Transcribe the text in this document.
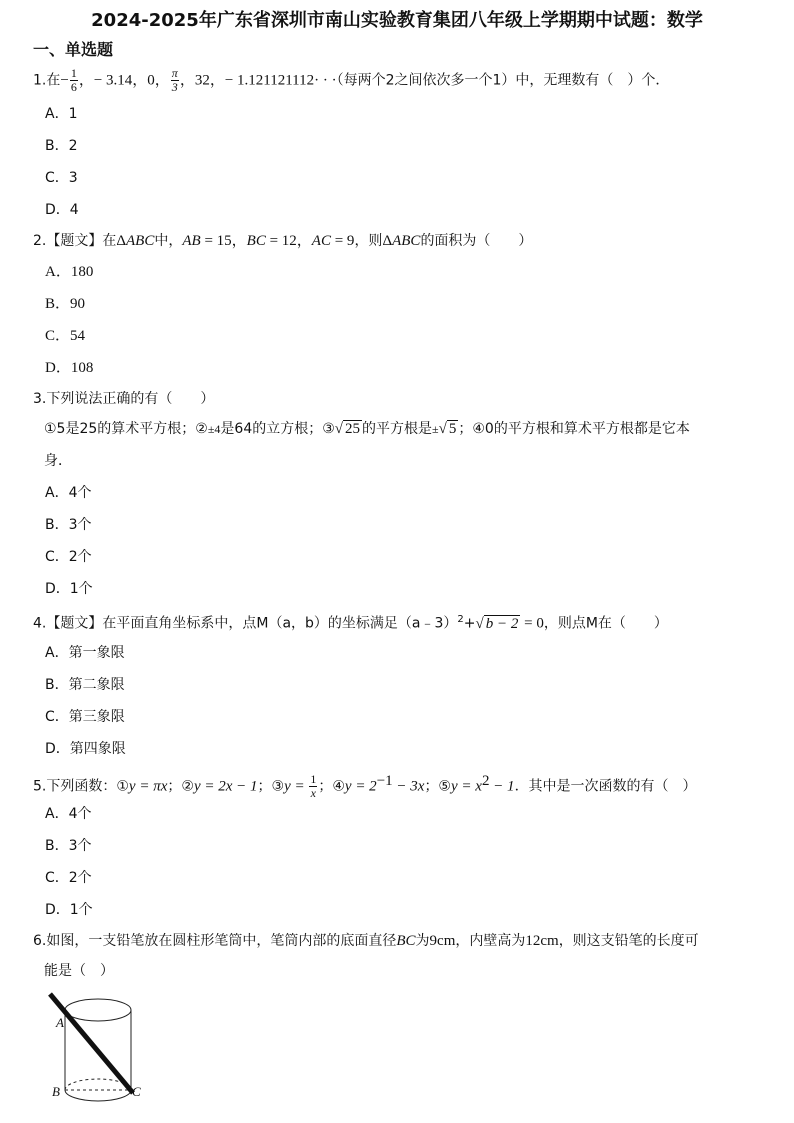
2024-2025年广东省深圳市南山实验教育集团八年级上学期期中试题：数学
一、单选题
1.在− $\frac{1}{6}$ ，− 3.14，0， $\frac{\pi}{3}$ ，32，− 1.121121112· · ·（每两个2之间依次多一个1）中，无理数有（　）个．
A．1
B．2
C．3
D．4
2.【题文】在ΔABC中，AB = 15，BC = 12，AC = 9，则ΔABC的面积为（　　）
A．180
B．90
C．54
D．108
3.下列说法正确的有（　　）
①5是25的算术平方根；②±4是64的立方根；③√ 25 的平方根是±√ 5 ；④0的平方根和算术平方根都是它本
身．
A．4个
B．3个
C．2个
D．1个
4.【题文】在平面直角坐标系中，点M（a，b）的坐标满足（a﹣3）$^2$+√ b − 2 = 0，则点M在（　　）
A．第一象限
B．第二象限
C．第三象限
D．第四象限
5.下列函数：①y = πx；②y = 2x − 1；③y = $\frac{1}{x}$ ；④y = $2^{-1} - 3x$；⑤y = $x^2 - 1$．其中是一次函数的有（　）
A．4个
B．3个
C．2个
D．1个
6.如图，一支铅笔放在圆柱形笔筒中，笔筒内部的底面直径BC为9cm，内壁高为12cm，则这支铅笔的长度可
能是（　）
A
B	C
